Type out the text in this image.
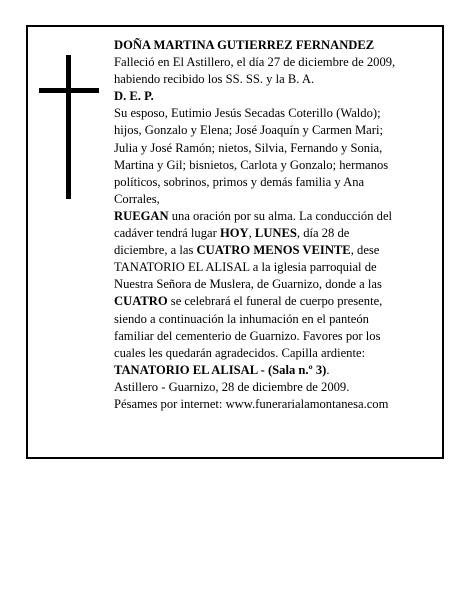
DOÑA MARTINA GUTIERREZ FERNANDEZ
Falleció en El Astillero, el día 27 de diciembre de 2009,
habiendo recibido los SS. SS. y la B. A.
D. E. P.
Su esposo, Eutimio Jesús Secadas Coterillo (Waldo);
hijos, Gonzalo y Elena; José Joaquín y Carmen Mari;
Julia y José Ramón; nietos, Silvia, Fernando y Sonia,
Martina y Gil; bisnietos, Carlota y Gonzalo; hermanos
políticos, sobrinos, primos y demás familia y Ana
Corrales,
RUEGAN una oración por su alma. La conducción del
cadáver tendrá lugar HOY, LUNES, día 28 de
diciembre, a las CUATRO MENOS VEINTE, dese
TANATORIO EL ALISAL a la iglesia parroquial de
Nuestra Señora de Muslera, de Guarnizo, donde a las
CUATRO se celebrará el funeral de cuerpo presente,
siendo a continuación la inhumación en el panteón
familiar del cementerio de Guarnizo. Favores por los
cuales les quedarán agradecidos. Capilla ardiente:
TANATORIO EL ALISAL - (Sala n.º 3).
Astillero - Guarnizo, 28 de diciembre de 2009.
Pésames por internet: www.funerarialamontanesa.com
